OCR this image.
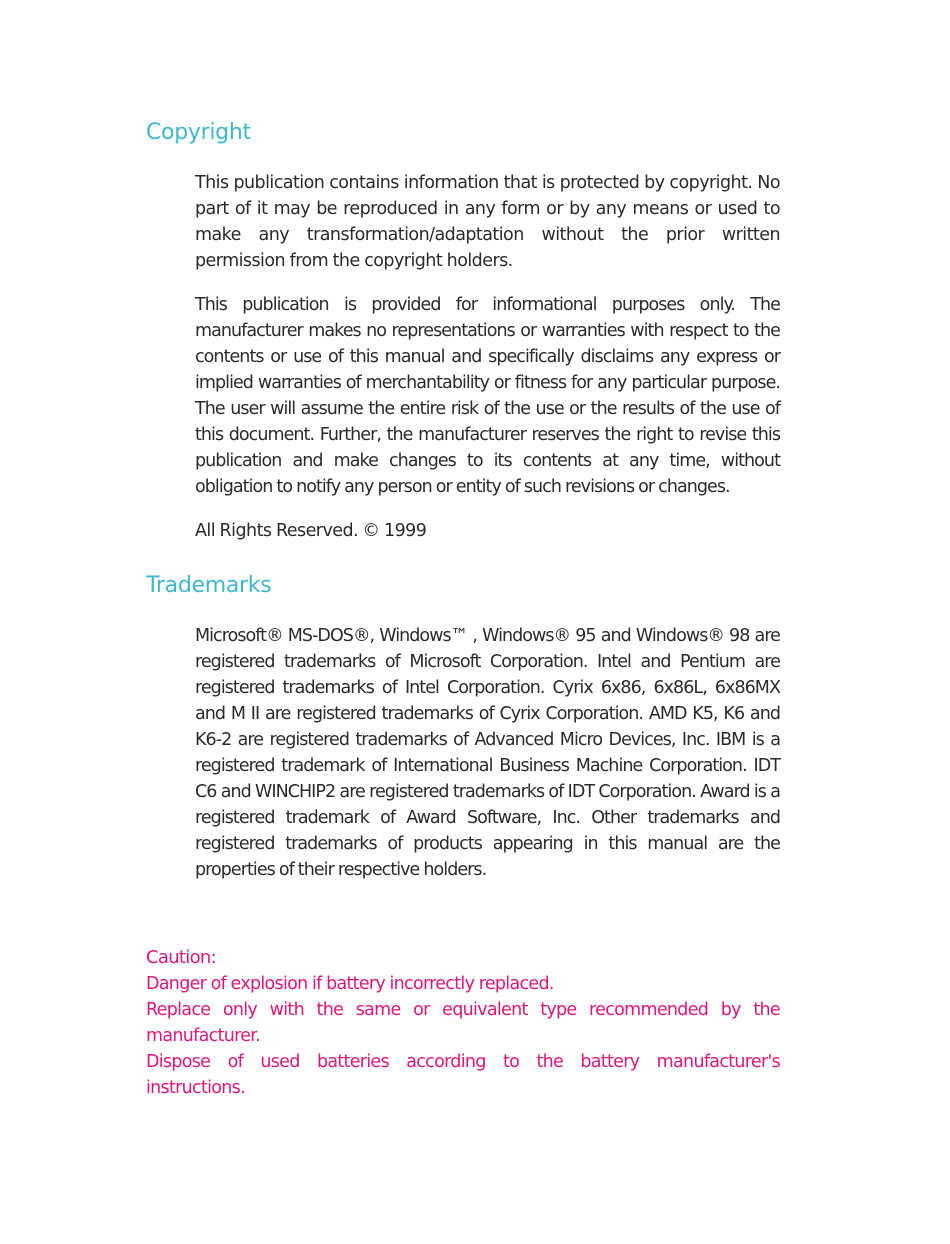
Copyright

This publication contains information that is protected by copyright. No part of it may be reproduced in any form or by any means or used to make any transformation/adaptation without the prior written permission from the copyright holders.

This publication is provided for informational purposes only. The manufacturer makes no representations or warranties with respect to the contents or use of this manual and specifically disclaims any express or implied warranties of merchantability or fitness for any particular purpose. The user will assume the entire risk of the use or the results of the use of this document. Further, the manufacturer reserves the right to revise this publication and make changes to its contents at any time, without obligation to notify any person or entity of such revisions or changes.

All Rights Reserved. © 1999

Trademarks

Microsoft® MS-DOS®, Windows™ , Windows® 95 and Windows® 98 are registered trademarks of Microsoft Corporation. Intel and Pentium are registered trademarks of Intel Corporation. Cyrix 6x86, 6x86L, 6x86MX and M II are registered trademarks of Cyrix Corporation. AMD K5, K6 and K6-2 are registered trademarks of Advanced Micro Devices, Inc. IBM is a registered trademark of International Business Machine Corporation. IDT C6 and WINCHIP2 are registered trademarks of IDT Corporation. Award is a registered trademark of Award Software, Inc. Other trademarks and registered trademarks of products appearing in this manual are the properties of their respective holders.

Caution:

Danger of explosion if battery incorrectly replaced.

Replace only with the same or equivalent type recommended by the manufacturer.

Dispose of used batteries according to the battery manufacturer's instructions.
